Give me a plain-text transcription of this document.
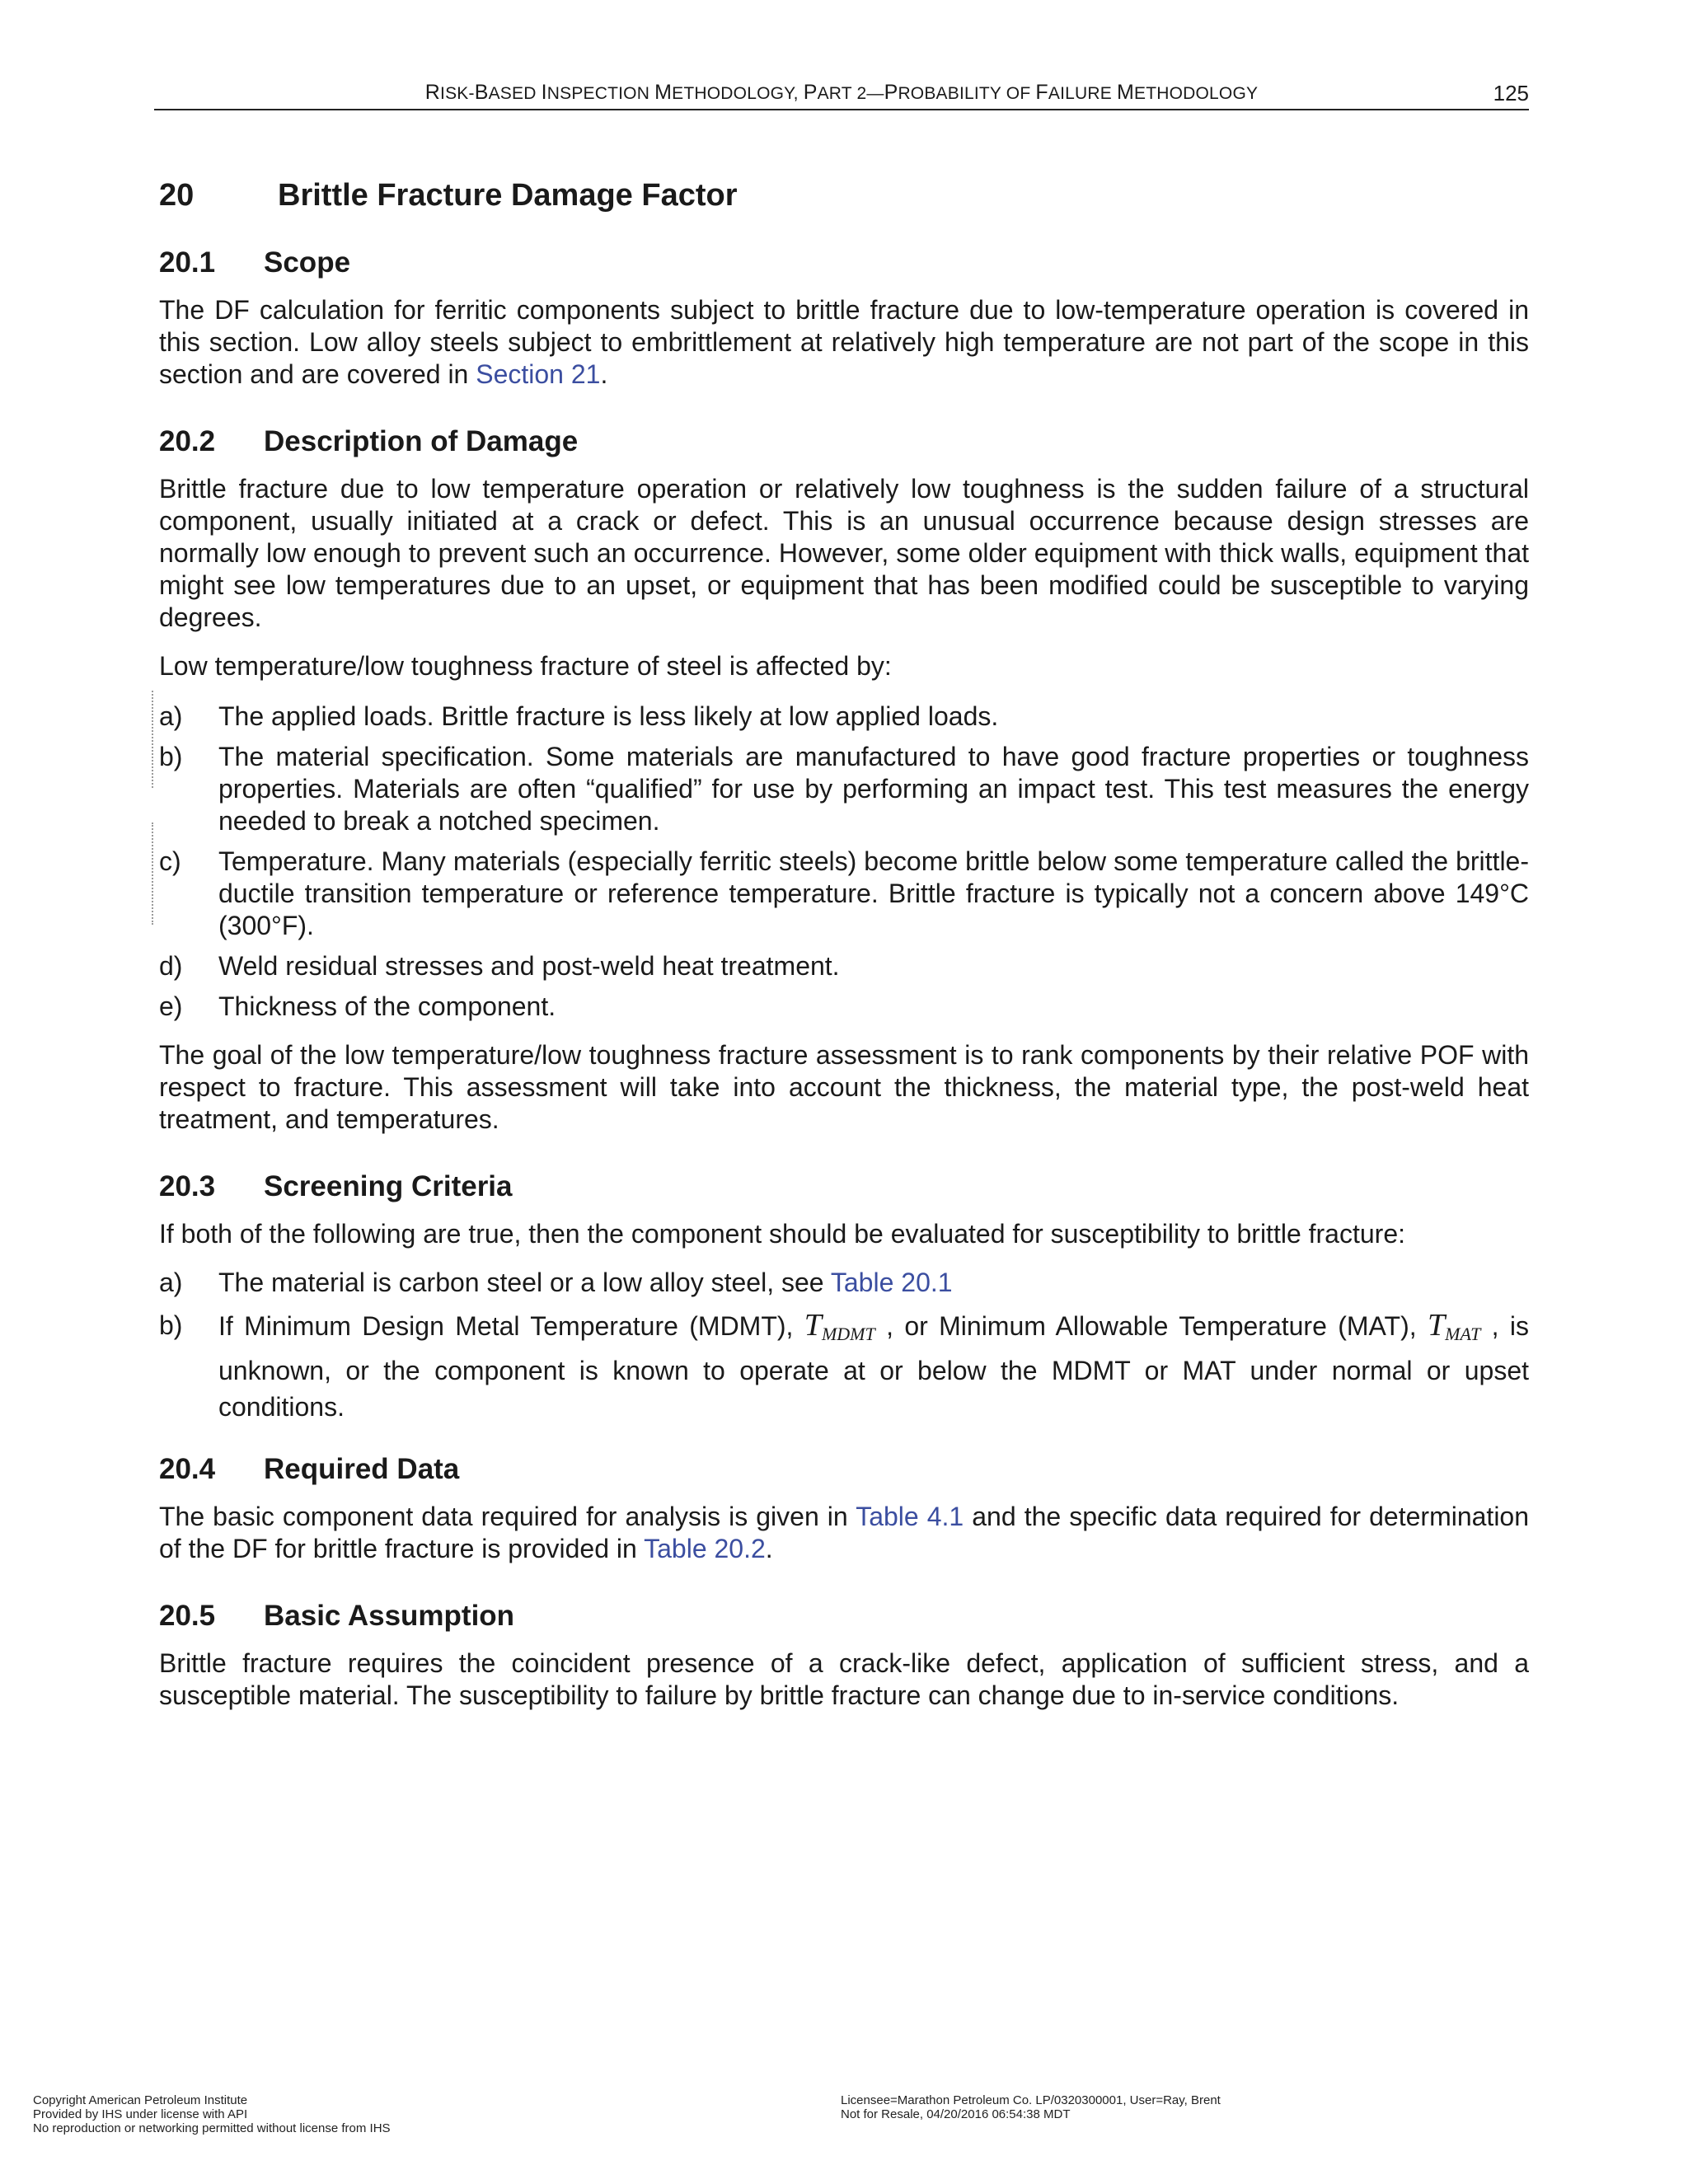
RISK-BASED INSPECTION METHODOLOGY, PART 2—PROBABILITY OF FAILURE METHODOLOGY	125
20	Brittle Fracture Damage Factor
20.1	Scope

The DF calculation for ferritic components subject to brittle fracture due to low-temperature operation is covered in this section. Low alloy steels subject to embrittlement at relatively high temperature are not part of the scope in this section and are covered in Section 21.

20.2	Description of Damage

Brittle fracture due to low temperature operation or relatively low toughness is the sudden failure of a structural component, usually initiated at a crack or defect. This is an unusual occurrence because design stresses are normally low enough to prevent such an occurrence. However, some older equipment with thick walls, equipment that might see low temperatures due to an upset, or equipment that has been modified could be susceptible to varying degrees.

Low temperature/low toughness fracture of steel is affected by:

a)	The applied loads. Brittle fracture is less likely at low applied loads.
b)	The material specification. Some materials are manufactured to have good fracture properties or toughness properties. Materials are often “qualified” for use by performing an impact test. This test measures the energy needed to break a notched specimen.
c)	Temperature. Many materials (especially ferritic steels) become brittle below some temperature called the brittle-ductile transition temperature or reference temperature. Brittle fracture is typically not a concern above 149°C (300°F).
d)	Weld residual stresses and post-weld heat treatment.
e)	Thickness of the component.

The goal of the low temperature/low toughness fracture assessment is to rank components by their relative POF with respect to fracture. This assessment will take into account the thickness, the material type, the post-weld heat treatment, and temperatures.

20.3	Screening Criteria

If both of the following are true, then the component should be evaluated for susceptibility to brittle fracture:

a)	The material is carbon steel or a low alloy steel, see Table 20.1
b)	If Minimum Design Metal Temperature (MDMT), $T_{MDMT}$ , or Minimum Allowable Temperature (MAT), $T_{MAT}$ , is unknown, or the component is known to operate at or below the MDMT or MAT under normal or upset conditions.
20.4	Required Data

The basic component data required for analysis is given in Table 4.1 and the specific data required for determination of the DF for brittle fracture is provided in Table 20.2.

20.5	Basic Assumption

Brittle fracture requires the coincident presence of a crack-like defect, application of sufficient stress, and a susceptible material. The susceptibility to failure by brittle fracture can change due to in-service conditions.

Copyright American Petroleum Institute
Provided by IHS under license with API
No reproduction or networking permitted without license from IHS
Licensee=Marathon Petroleum Co. LP/0320300001, User=Ray, Brent
Not for Resale, 04/20/2016 06:54:38 MDT
